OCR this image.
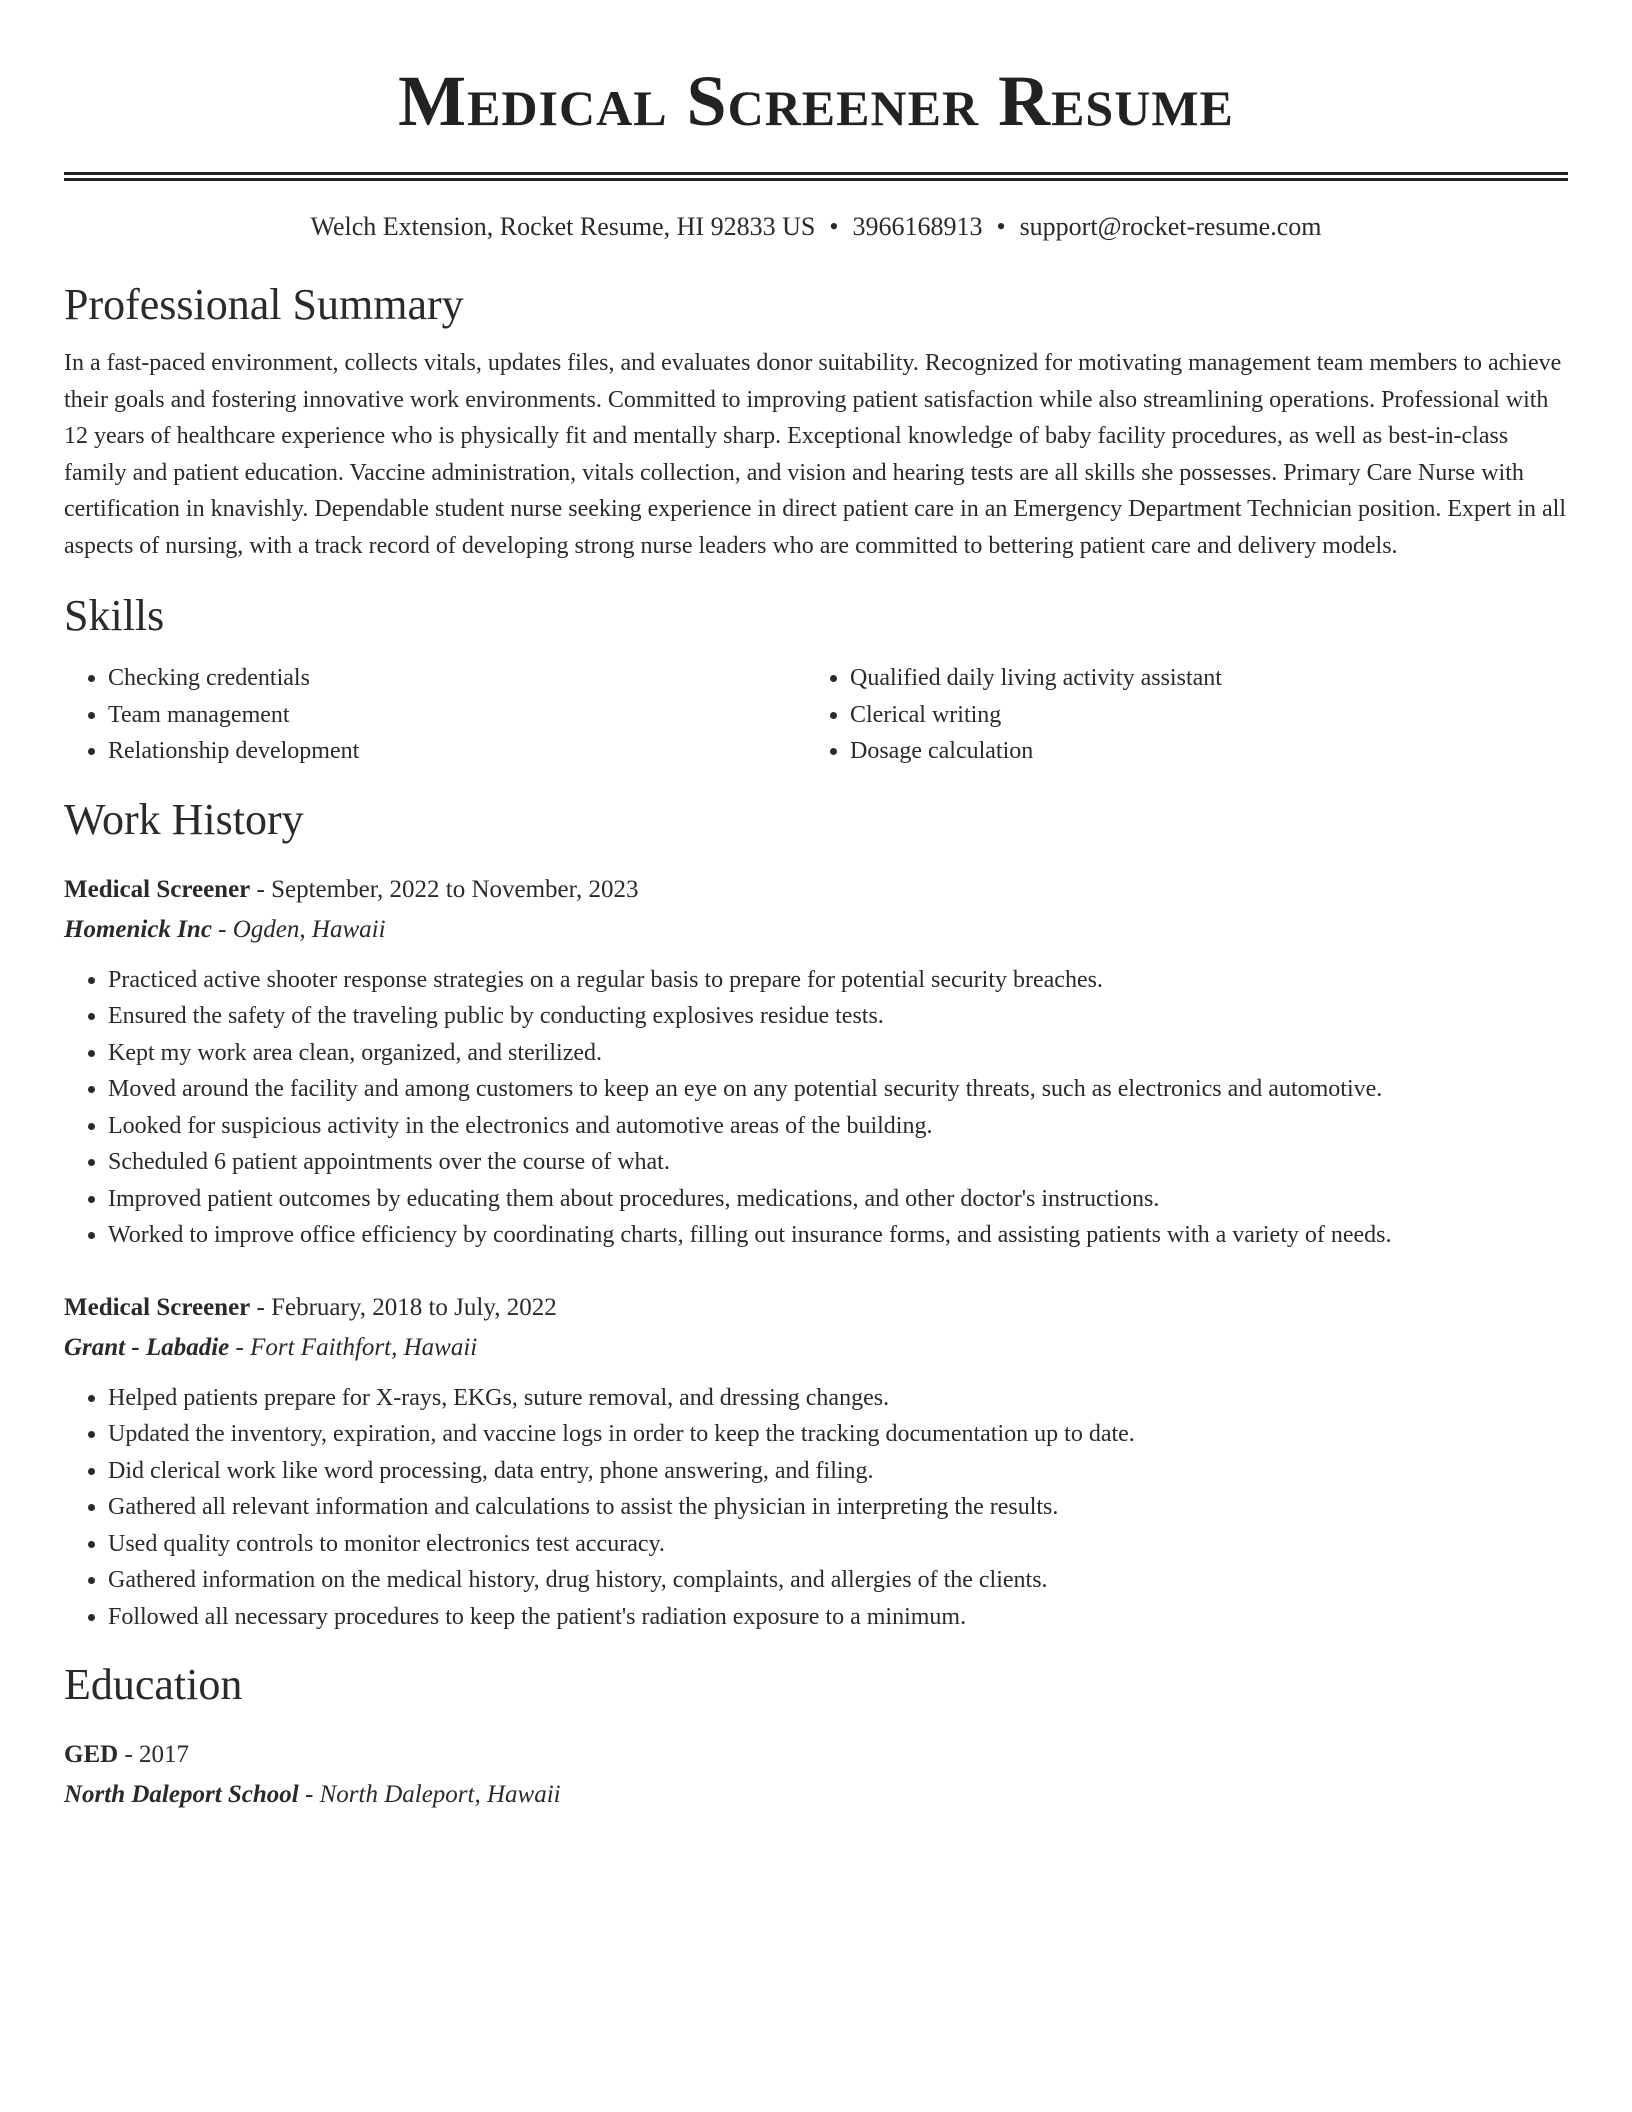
Medical Screener Resume
Welch Extension, Rocket Resume, HI 92833 US • 3966168913 • support@rocket-resume.com
Professional Summary

In a fast-paced environment, collects vitals, updates files, and evaluates donor suitability. Recognized for motivating management team members to achieve their goals and fostering innovative work environments. Committed to improving patient satisfaction while also streamlining operations. Professional with 12 years of healthcare experience who is physically fit and mentally sharp. Exceptional knowledge of baby facility procedures, as well as best-in-class family and patient education. Vaccine administration, vitals collection, and vision and hearing tests are all skills she possesses. Primary Care Nurse with certification in knavishly. Dependable student nurse seeking experience in direct patient care in an Emergency Department Technician position. Expert in all aspects of nursing, with a track record of developing strong nurse leaders who are committed to bettering patient care and delivery models.

Skills
• Checking credentials
• Team management
• Relationship development
• Qualified daily living activity assistant
• Clerical writing
• Dosage calculation
Work History
Medical Screener - September, 2022 to November, 2023
Homenick Inc - Ogden, Hawaii
• Practiced active shooter response strategies on a regular basis to prepare for potential security breaches.
• Ensured the safety of the traveling public by conducting explosives residue tests.
• Kept my work area clean, organized, and sterilized.
• Moved around the facility and among customers to keep an eye on any potential security threats, such as electronics and automotive.
• Looked for suspicious activity in the electronics and automotive areas of the building.
• Scheduled 6 patient appointments over the course of what.
• Improved patient outcomes by educating them about procedures, medications, and other doctor's instructions.
• Worked to improve office efficiency by coordinating charts, filling out insurance forms, and assisting patients with a variety of needs.
Medical Screener - February, 2018 to July, 2022
Grant - Labadie - Fort Faithfort, Hawaii
• Helped patients prepare for X-rays, EKGs, suture removal, and dressing changes.
• Updated the inventory, expiration, and vaccine logs in order to keep the tracking documentation up to date.
• Did clerical work like word processing, data entry, phone answering, and filing.
• Gathered all relevant information and calculations to assist the physician in interpreting the results.
• Used quality controls to monitor electronics test accuracy.
• Gathered information on the medical history, drug history, complaints, and allergies of the clients.
• Followed all necessary procedures to keep the patient's radiation exposure to a minimum.
Education
GED - 2017
North Daleport School - North Daleport, Hawaii
